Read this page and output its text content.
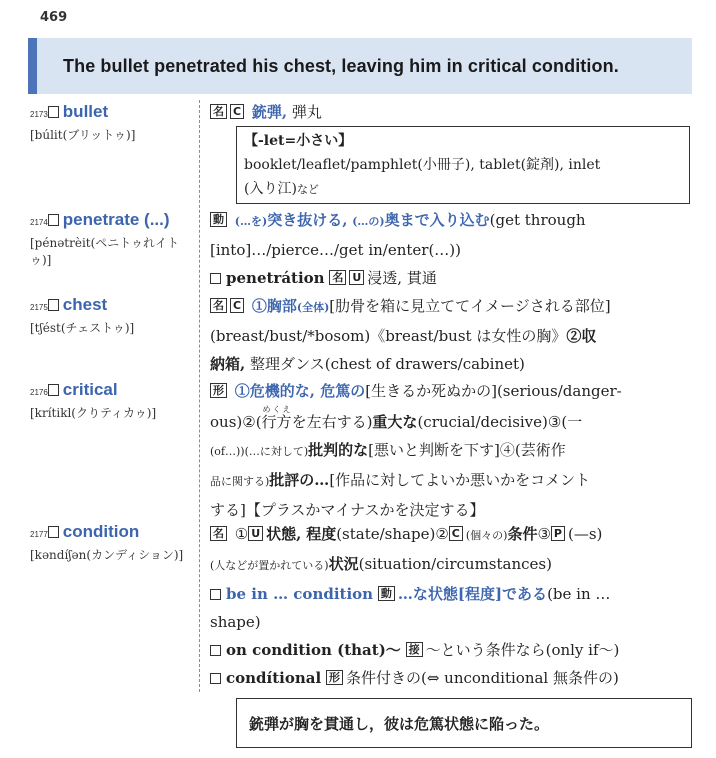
469
The bullet penetrated his chest, leaving him in critical condition.
2173 bullet
[búlit(ブリットゥ)]
2174 penetrate (...)
[pénətrèit(ペニトゥれイトゥ)]
2175 chest
[tʃést(チェストゥ)]
2176 critical
[krítikl(クりティカゥ)]
2177 condition
[kəndíʃən(カンディション)]
名 C 銃弾, 弾丸
【-let=小さい】
booklet/leaflet/pamphlet(小冊子), tablet(錠剤), inlet
(入り江)など
動 (…を)突き抜ける, (…の)奥まで入り込む(get through
[into]…/pierce…/get in/enter(…))
penetrátion 名 U 浸透, 貫通
名 C ①胸部(全体)[肋骨を箱に見立ててイメージされる部位]
(breast/bust/*bosom)《breast/bust は女性の胸》②収
納箱, 整理ダンス(chest of drawers/cabinet)
形 ①危機的な, 危篤の[生きるか死ぬかの](serious/danger-
ous)②(行方めくえを左右する)重大な(crucial/decisive)③(一
(of…))(…に対して)批判的な[悪いと判断を下す]④(芸術作
品に関する)批評の…[作品に対してよいか悪いかをコメント
する]【プラスかマイナスかを決定する】
名 ① U 状態, 程度(state/shape)② C (個々の)条件③ P (—s)
(人などが置かれている)状況(situation/circumstances)
be in … condition 動 …な状態[程度]である(be in …
shape)
on condition (that)～ 接 ～という条件なら(only if～)
condítional 形 条件付きの(⇔ unconditional 無条件の)
銃弾が胸を貫通し，彼は危篤状態に陥った。
